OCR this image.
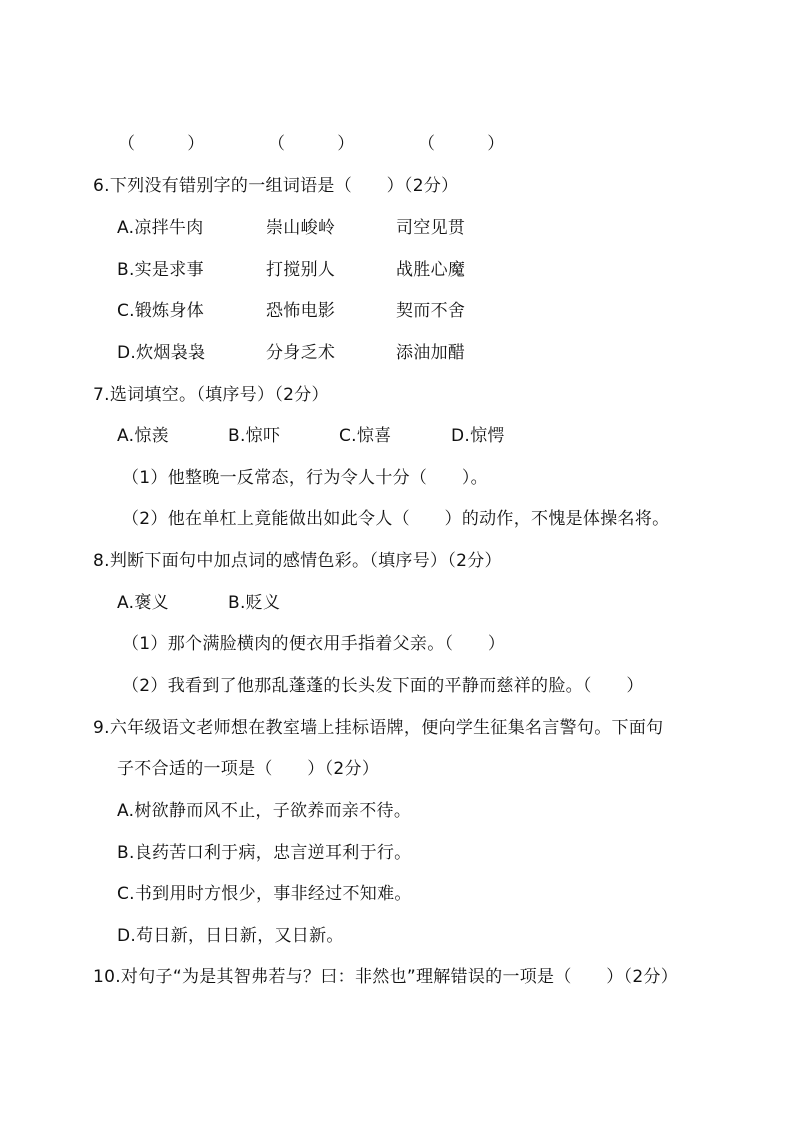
（　　　）	（　　　）	（　　　）
6.下列没有错别字的一组词语是（　　）（2分）
A.凉拌牛肉	崇山峻岭	司空见贯
B.实是求事	打搅别人	战胜心魔
C.锻炼身体	恐怖电影	契而不舍
D.炊烟袅袅	分身乏术	添油加醋
7.选词填空。（填序号）（2分）
A.惊羡	B.惊吓	C.惊喜	D.惊愕
（1）他整晚一反常态，行为令人十分（　　）。
（2）他在单杠上竟能做出如此令人（　　）的动作，不愧是体操名将。
8.判断下面句中加点词的感情色彩。（填序号）（2分）
A.褒义	B.贬义
（1）那个满脸横肉的便衣用手指着父亲。（　　）
（2）我看到了他那乱蓬蓬的长头发下面的平静而慈祥的脸。（　　）
9.六年级语文老师想在教室墙上挂标语牌，便向学生征集名言警句。下面句
子不合适的一项是（　　）（2分）
A.树欲静而风不止，子欲养而亲不待。
B.良药苦口利于病，忠言逆耳利于行。
C.书到用时方恨少，事非经过不知难。
D.苟日新，日日新，又日新。
10.对句子“为是其智弗若与？曰：非然也”理解错误的一项是（　　）（2分）
